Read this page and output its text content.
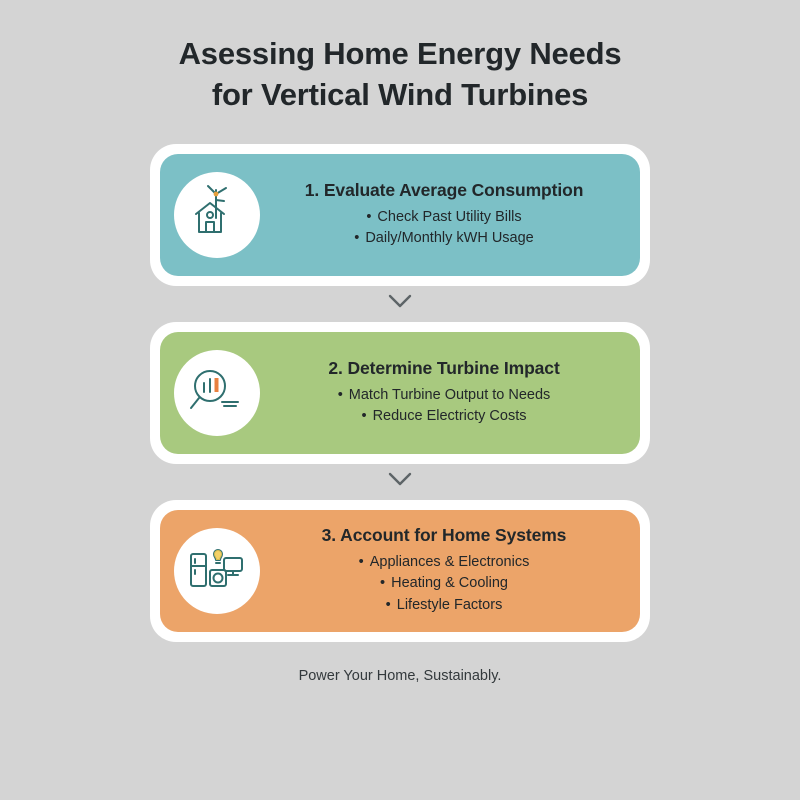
Asessing Home Energy Needs
for Vertical Wind Turbines
1. Evaluate Average Consumption
• Check Past Utility Bills
• Daily/Monthly kWH Usage
2. Determine Turbine Impact
• Match Turbine Output to Needs
• Reduce Electricty Costs
3. Account for Home Systems
• Appliances & Electronics
• Heating & Cooling
• Lifestyle Factors
Power Your Home, Sustainably.
